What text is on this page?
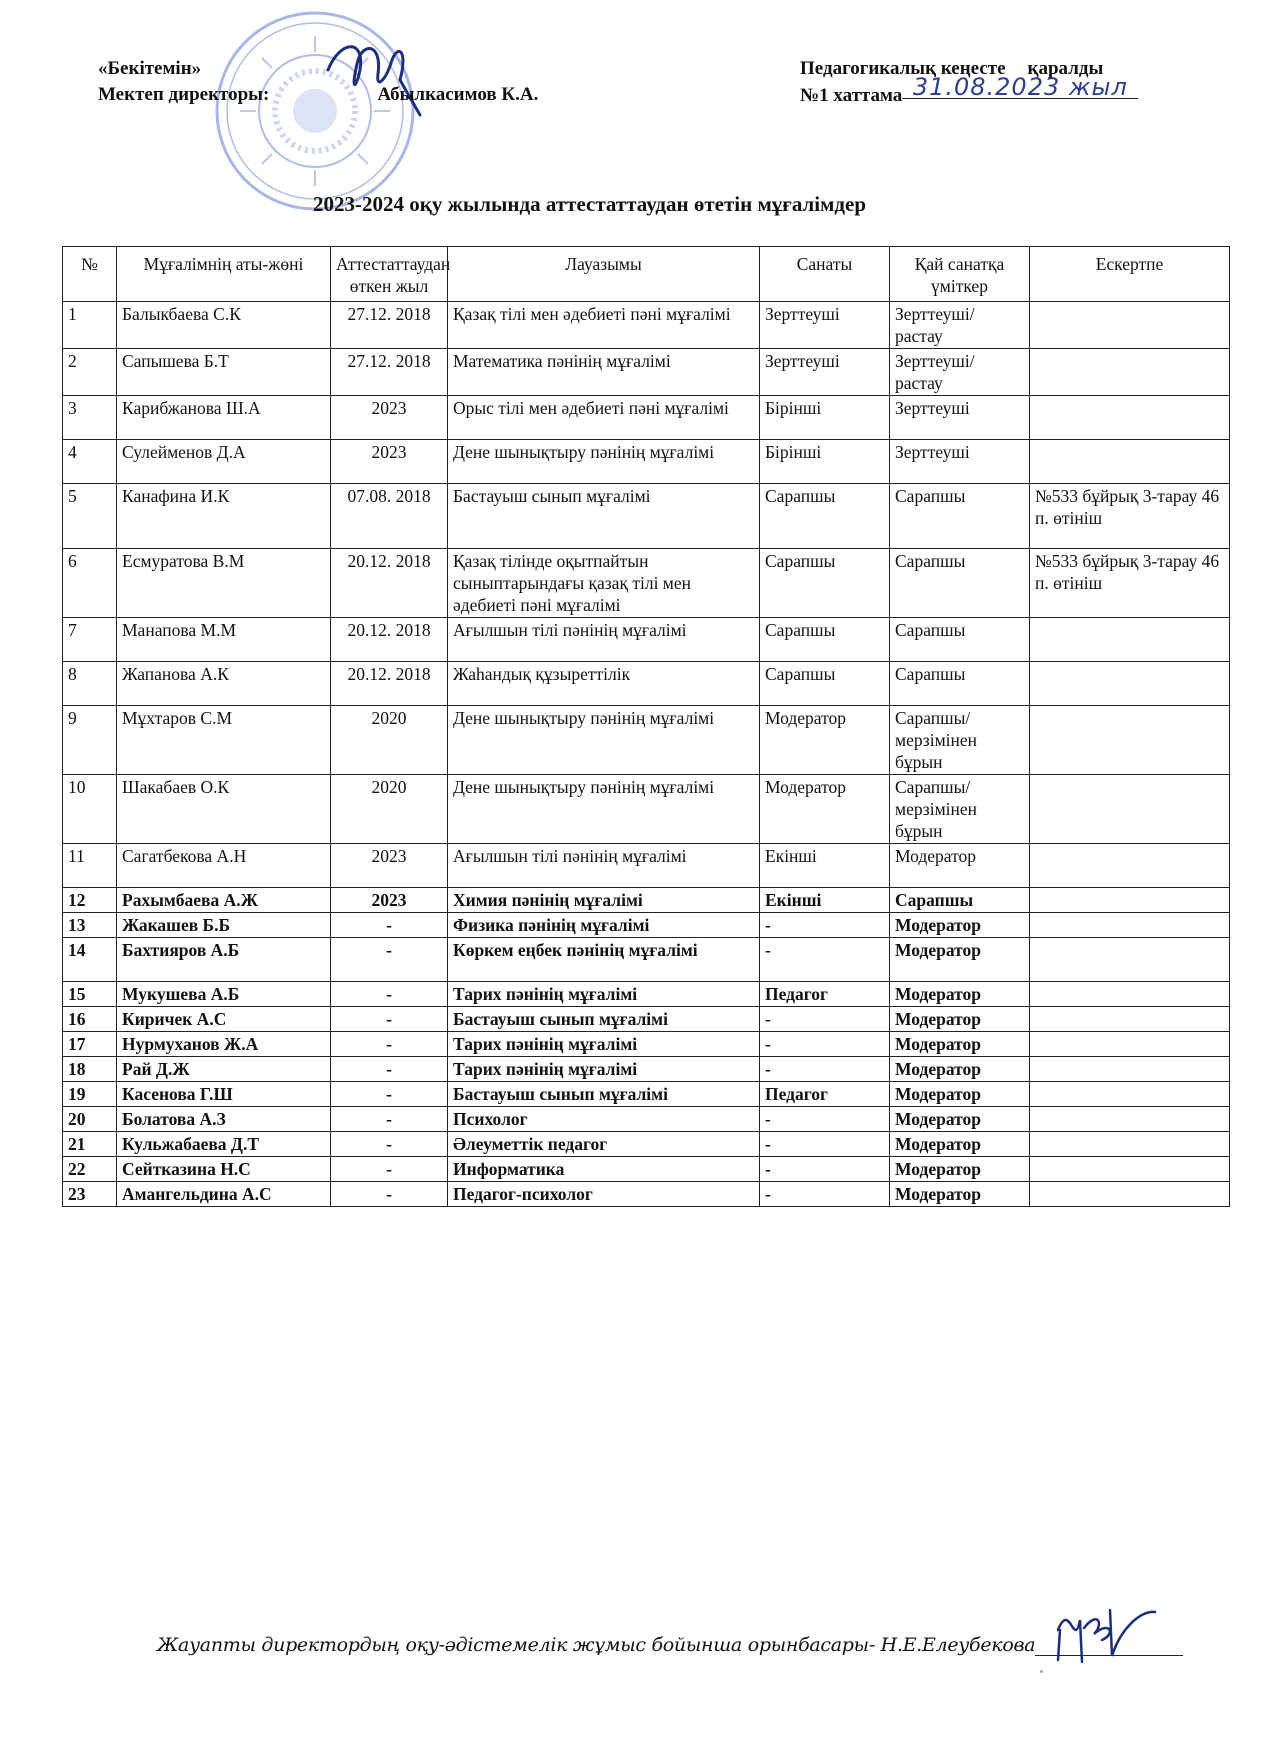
«Бекітемін»
Мектеп директоры:	Абылкасимов К.А.
Педагогикалық кеңесте қаралды
№1 хаттама 31.08.2023 жыл
2023-2024 оқу жылында аттестаттаудан өтетін мұғалімдер
№	Мұғалімнің аты-жөні	Аттестаттаудан өткен жыл	Лауазымы	Санаты	Қай санатқа үміткер	Ескертпе
1	Балыкбаева С.К	27.12. 2018	Қазақ тілі мен әдебиеті пәні мұғалімі	Зерттеуші	Зерттеуші/ растау	
2	Сапышева Б.Т	27.12. 2018	Математика пәнінің мұғалімі	Зерттеуші	Зерттеуші/ растау	
3	Карибжанова Ш.А	2023	Орыс тілі мен әдебиеті пәні мұғалімі	Бірінші	Зерттеуші	
4	Сулейменов Д.А	2023	Дене шынықтыру пәнінің мұғалімі	Бірінші	Зерттеуші	
5	Канафина И.К	07.08. 2018	Бастауыш сынып мұғалімі	Сарапшы	Сарапшы	№533 бұйрық 3-тарау 46 п. өтініш
6	Есмуратова В.М	20.12. 2018	Қазақ тілінде оқытпайтын сыныптарындағы қазақ тілі мен әдебиеті пәні мұғалімі	Сарапшы	Сарапшы	№533 бұйрық 3-тарау 46 п. өтініш
7	Манапова М.М	20.12. 2018	Ағылшын тілі пәнінің мұғалімі	Сарапшы	Сарапшы	
8	Жапанова А.К	20.12. 2018	Жаһандық құзыреттілік	Сарапшы	Сарапшы	
9	Мұхтаров С.М	2020	Дене шынықтыру пәнінің мұғалімі	Модератор	Сарапшы/ мерзімінен бұрын	
10	Шакабаев О.К	2020	Дене шынықтыру пәнінің мұғалімі	Модератор	Сарапшы/ мерзімінен бұрын	
11	Сагатбекова А.Н	2023	Ағылшын тілі пәнінің мұғалімі	Екінші	Модератор	
12	Рахымбаева А.Ж	2023	Химия пәнінің мұғалімі	Екінші	Сарапшы	
13	Жакашев Б.Б	-	Физика пәнінің мұғалімі	-	Модератор	
14	Бахтияров А.Б	-	Көркем еңбек пәнінің мұғалімі	-	Модератор	
15	Мукушева А.Б	-	Тарих пәнінің мұғалімі	Педагог	Модератор	
16	Киричек А.С	-	Бастауыш сынып мұғалімі	-	Модератор	
17	Нурмуханов Ж.А	-	Тарих пәнінің мұғалімі	-	Модератор	
18	Рай Д.Ж	-	Тарих пәнінің мұғалімі	-	Модератор	
19	Касенова Г.Ш	-	Бастауыш сынып мұғалімі	Педагог	Модератор	
20	Болатова А.З	-	Психолог	-	Модератор	
21	Кульжабаева Д.Т	-	Әлеуметтік педагог	-	Модератор	
22	Сейтказина Н.С	-	Информатика	-	Модератор	
23	Амангельдина А.С	-	Педагог-психолог	-	Модератор	
Жауапты директордың оқу-әдістемелік жұмыс бойынша орынбасары- Н.Е.Елеубекова
